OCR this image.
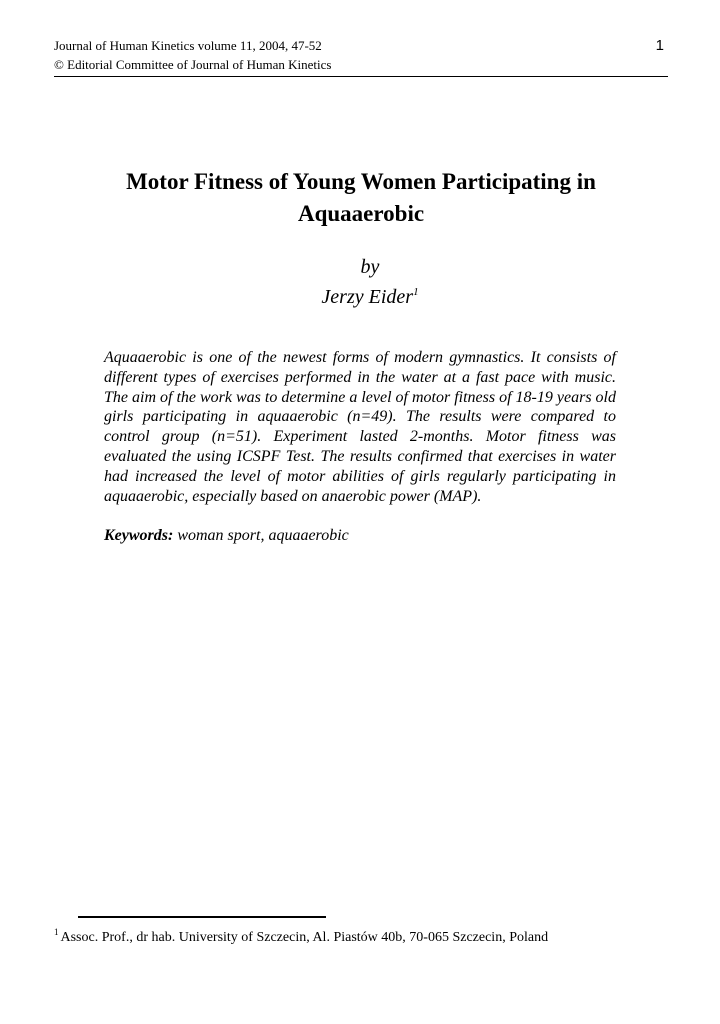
Journal of Human Kinetics volume 11, 2004, 47-52
© Editorial Committee of Journal of Human Kinetics
1
Motor Fitness of Young Women Participating in
Aquaaerobic
by
Jerzy Eider$^1$
Aquaaerobic is one of the newest forms of modern gymnastics. It consists of different types of exercises performed in the water at a fast pace with music. The aim of the work was to determine a level of motor fitness of 18-19 years old girls participating in aquaaerobic (n=49). The results were compared to control group (n=51). Experiment lasted 2-months. Motor fitness was evaluated the using ICSPF Test. The results confirmed that exercises in water had increased the level of motor abilities of girls regularly participating in aquaaerobic, especially based on anaerobic power (MAP).
Keywords: woman sport, aquaaerobic
$^1$ Assoc. Prof., dr hab. University of Szczecin, Al. Piastów 40b, 70-065 Szczecin, Poland
